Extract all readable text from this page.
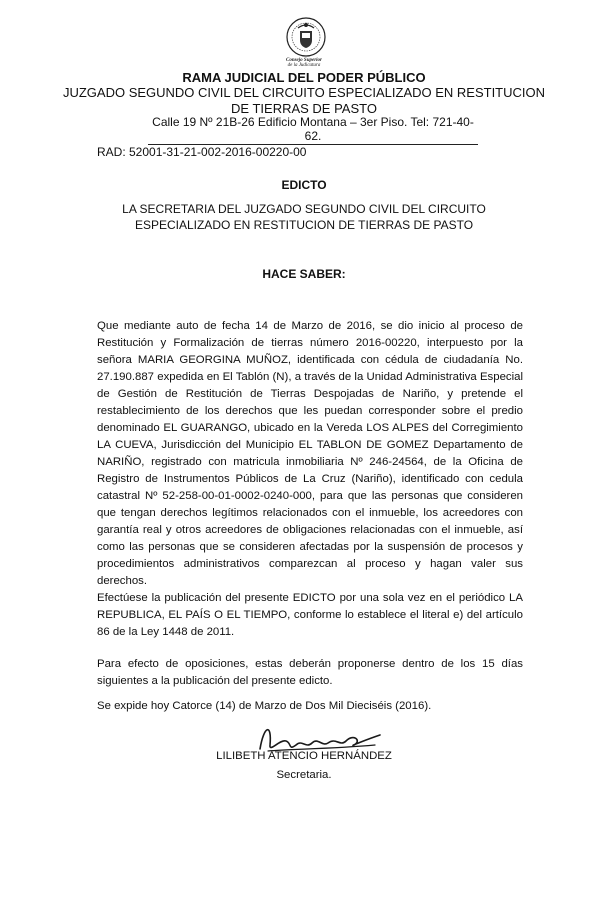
Consejo Superior
de la Judicatura
RAMA JUDICIAL DEL PODER PÚBLICO
JUZGADO SEGUNDO CIVIL DEL CIRCUITO ESPECIALIZADO EN RESTITUCION
DE TIERRAS DE PASTO
Calle 19 Nº 21B-26 Edificio Montana – 3er Piso. Tel: 721-40-62.
RAD: 52001-31-21-002-2016-00220-00
EDICTO
LA SECRETARIA DEL JUZGADO SEGUNDO CIVIL DEL CIRCUITO
ESPECIALIZADO EN RESTITUCION DE TIERRAS DE PASTO
HACE SABER:
Que mediante auto de fecha 14 de Marzo de 2016, se dio inicio al proceso de Restitución y Formalización de tierras número 2016-00220, interpuesto por la señora MARIA GEORGINA MUÑOZ, identificada con cédula de ciudadanía No. 27.190.887 expedida en El Tablón (N), a través de la Unidad Administrativa Especial de Gestión de Restitución de Tierras Despojadas de Nariño, y pretende el restablecimiento de los derechos que les puedan corresponder sobre el predio denominado EL GUARANGO, ubicado en la Vereda LOS ALPES del Corregimiento LA CUEVA, Jurisdicción del Municipio EL TABLON DE GOMEZ Departamento de NARIÑO, registrado con matricula inmobiliaria Nº 246-24564, de la Oficina de Registro de Instrumentos Públicos de La Cruz (Nariño), identificado con cedula catastral Nº 52-258-00-01-0002-0240-000, para que las personas que consideren que tengan derechos legítimos relacionados con el inmueble, los acreedores con garantía real y otros acreedores de obligaciones relacionadas con el inmueble, así como las personas que se consideren afectadas por la suspensión de procesos y procedimientos administrativos comparezcan al proceso y hagan valer sus derechos.
Efectúese la publicación del presente EDICTO por una sola vez en el periódico LA REPUBLICA, EL PAÍS O EL TIEMPO, conforme lo establece el literal e) del artículo 86 de la Ley 1448 de 2011.
Para efecto de oposiciones, estas deberán proponerse dentro de los 15 días siguientes a la publicación del presente edicto.
Se expide hoy Catorce (14) de Marzo de Dos Mil Dieciséis (2016).
LILIBETH ATENCIO HERNÁNDEZ
Secretaria.
